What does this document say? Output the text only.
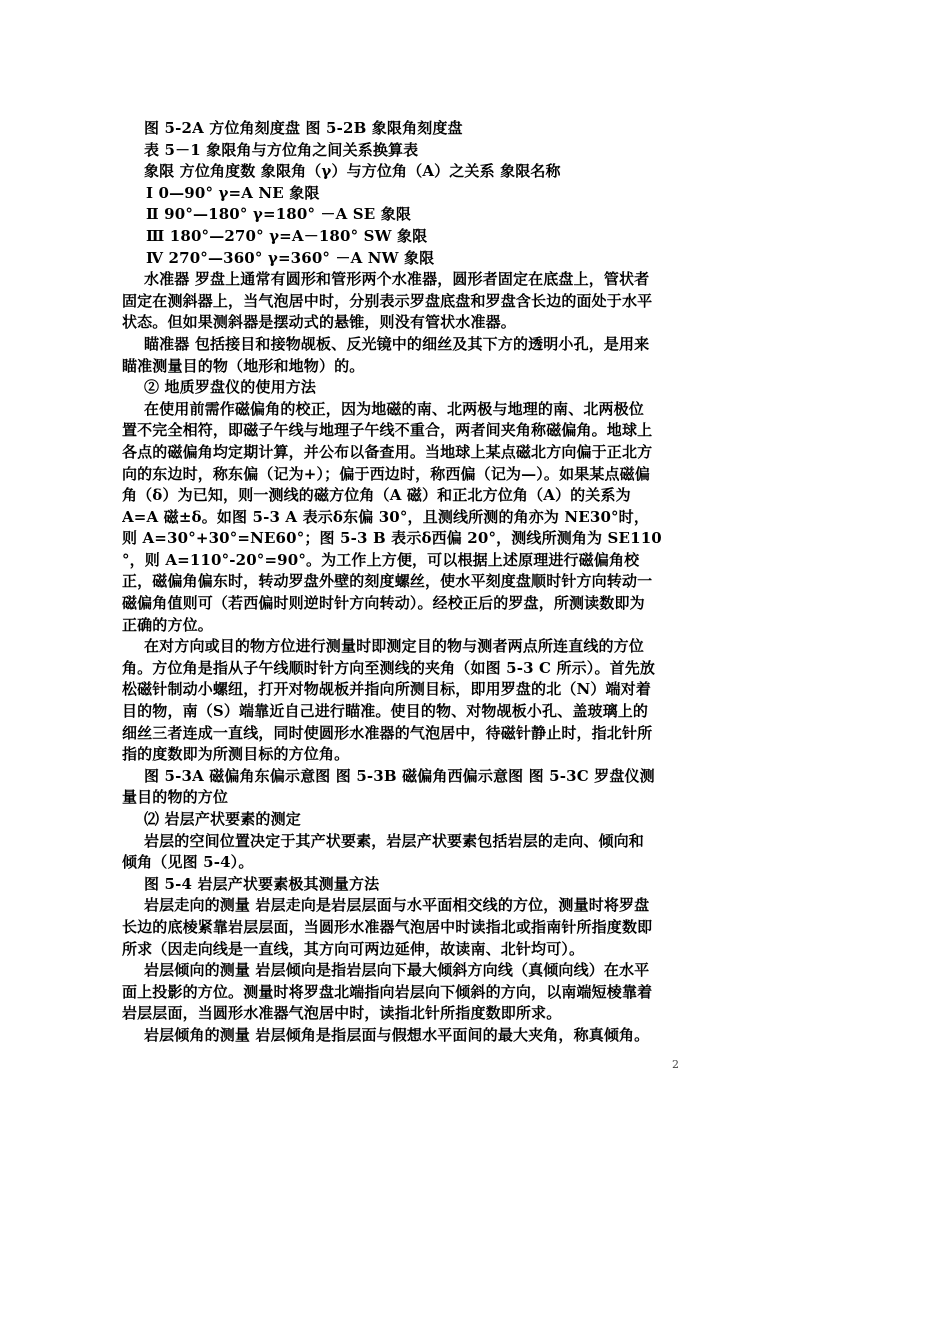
图 5-2A 方位角刻度盘 图 5-2B 象限角刻度盘
表 5－1 象限角与方位角之间关系换算表
象限 方位角度数 象限角（γ）与方位角（A）之关系 象限名称
Ⅰ 0—90° γ=A NE 象限
Ⅱ 90°—180° γ=180° －A SE 象限
Ⅲ 180°—270° γ=A－180° SW 象限
Ⅳ 270°—360° γ=360° －A NW 象限
水准器 罗盘上通常有圆形和管形两个水准器，圆形者固定在底盘上，管状者
固定在测斜器上，当气泡居中时，分别表示罗盘底盘和罗盘含长边的面处于水平
状态。但如果测斜器是摆动式的悬锥，则没有管状水准器。
瞄准器 包括接目和接物觇板、反光镜中的细丝及其下方的透明小孔，是用来
瞄准测量目的物（地形和地物）的。
② 地质罗盘仪的使用方法
在使用前需作磁偏角的校正，因为地磁的南、北两极与地理的南、北两极位
置不完全相符，即磁子午线与地理子午线不重合，两者间夹角称磁偏角。地球上
各点的磁偏角均定期计算，并公布以备查用。当地球上某点磁北方向偏于正北方
向的东边时，称东偏（记为+）；偏于西边时，称西偏（记为—）。如果某点磁偏
角（δ）为已知，则一测线的磁方位角（A 磁）和正北方位角（A）的关系为
A=A 磁±δ。如图 5-3 A 表示δ东偏 30°，且测线所测的角亦为 NE30°时，
则 A=30°+30°=NE60°；图 5-3 B 表示δ西偏 20°，测线所测角为 SE110
°，则 A=110°-20°=90°。为工作上方便，可以根据上述原理进行磁偏角校
正，磁偏角偏东时，转动罗盘外壁的刻度螺丝，使水平刻度盘顺时针方向转动一
磁偏角值则可（若西偏时则逆时针方向转动）。经校正后的罗盘，所测读数即为
正确的方位。
在对方向或目的物方位进行测量时即测定目的物与测者两点所连直线的方位
角。方位角是指从子午线顺时针方向至测线的夹角（如图 5-3 C 所示）。首先放
松磁针制动小螺纽，打开对物觇板并指向所测目标，即用罗盘的北（N）端对着
目的物，南（S）端靠近自己进行瞄准。使目的物、对物觇板小孔、盖玻璃上的
细丝三者连成一直线，同时使圆形水准器的气泡居中，待磁针静止时，指北针所
指的度数即为所测目标的方位角。
图 5-3A 磁偏角东偏示意图 图 5-3B 磁偏角西偏示意图 图 5-3C 罗盘仪测
量目的物的方位
⑵ 岩层产状要素的测定
岩层的空间位置决定于其产状要素，岩层产状要素包括岩层的走向、倾向和
倾角（见图 5-4）。
图 5-4 岩层产状要素极其测量方法
岩层走向的测量 岩层走向是岩层层面与水平面相交线的方位，测量时将罗盘
长边的底棱紧靠岩层层面，当圆形水准器气泡居中时读指北或指南针所指度数即
所求（因走向线是一直线，其方向可两边延伸，故读南、北针均可）。
岩层倾向的测量 岩层倾向是指岩层向下最大倾斜方向线（真倾向线）在水平
面上投影的方位。测量时将罗盘北端指向岩层向下倾斜的方向，以南端短棱靠着
岩层层面，当圆形水准器气泡居中时，读指北针所指度数即所求。
岩层倾角的测量 岩层倾角是指层面与假想水平面间的最大夹角，称真倾角。
2
